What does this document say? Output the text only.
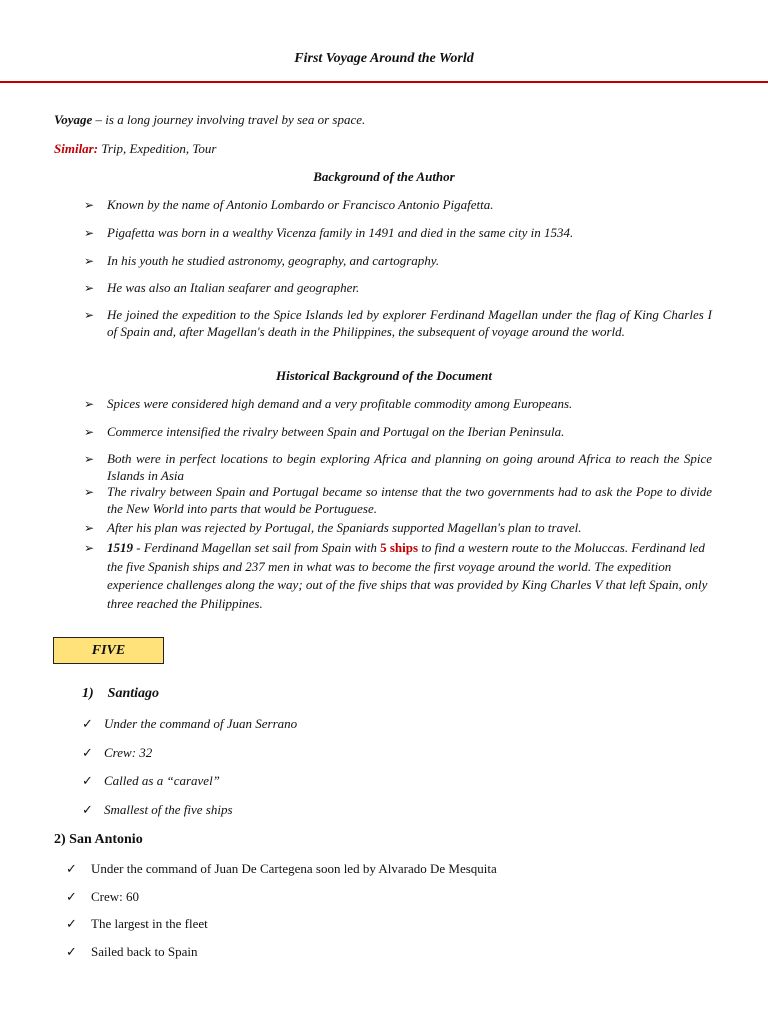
First Voyage Around the World
Voyage – is a long journey involving travel by sea or space.
Similar: Trip, Expedition, Tour
Background of the Author
➢ Known by the name of Antonio Lombardo or Francisco Antonio Pigafetta.
➢ Pigafetta was born in a wealthy Vicenza family in 1491 and died in the same city in 1534.
➢ In his youth he studied astronomy, geography, and cartography.
➢ He was also an Italian seafarer and geographer.
➢ He joined the expedition to the Spice Islands led by explorer Ferdinand Magellan under the flag of King Charles I of Spain and, after Magellan's death in the Philippines, the subsequent of voyage around the world.
Historical Background of the Document
➢ Spices were considered high demand and a very profitable commodity among Europeans.
➢ Commerce intensified the rivalry between Spain and Portugal on the Iberian Peninsula.
➢ Both were in perfect locations to begin exploring Africa and planning on going around Africa to reach the Spice Islands in Asia
➢ The rivalry between Spain and Portugal became so intense that the two governments had to ask the Pope to divide the New World into parts that would be Portuguese.
➢ After his plan was rejected by Portugal, the Spaniards supported Magellan's plan to travel.
➢ 1519 - Ferdinand Magellan set sail from Spain with 5 ships to find a western route to the Moluccas. Ferdinand led the five Spanish ships and 237 men in what was to become the first voyage around the world. The expedition experience challenges along the way; out of the five ships that was provided by King Charles V that left Spain, only three reached the Philippines.
FIVE
1)    Santiago
✓ Under the command of Juan Serrano
✓ Crew: 32
✓ Called as a “caravel”
✓ Smallest of the five ships
2) San Antonio
✓	Under the command of Juan De Cartegena soon led by Alvarado De Mesquita
✓	Crew: 60
✓	The largest in the fleet
✓	Sailed back to Spain
